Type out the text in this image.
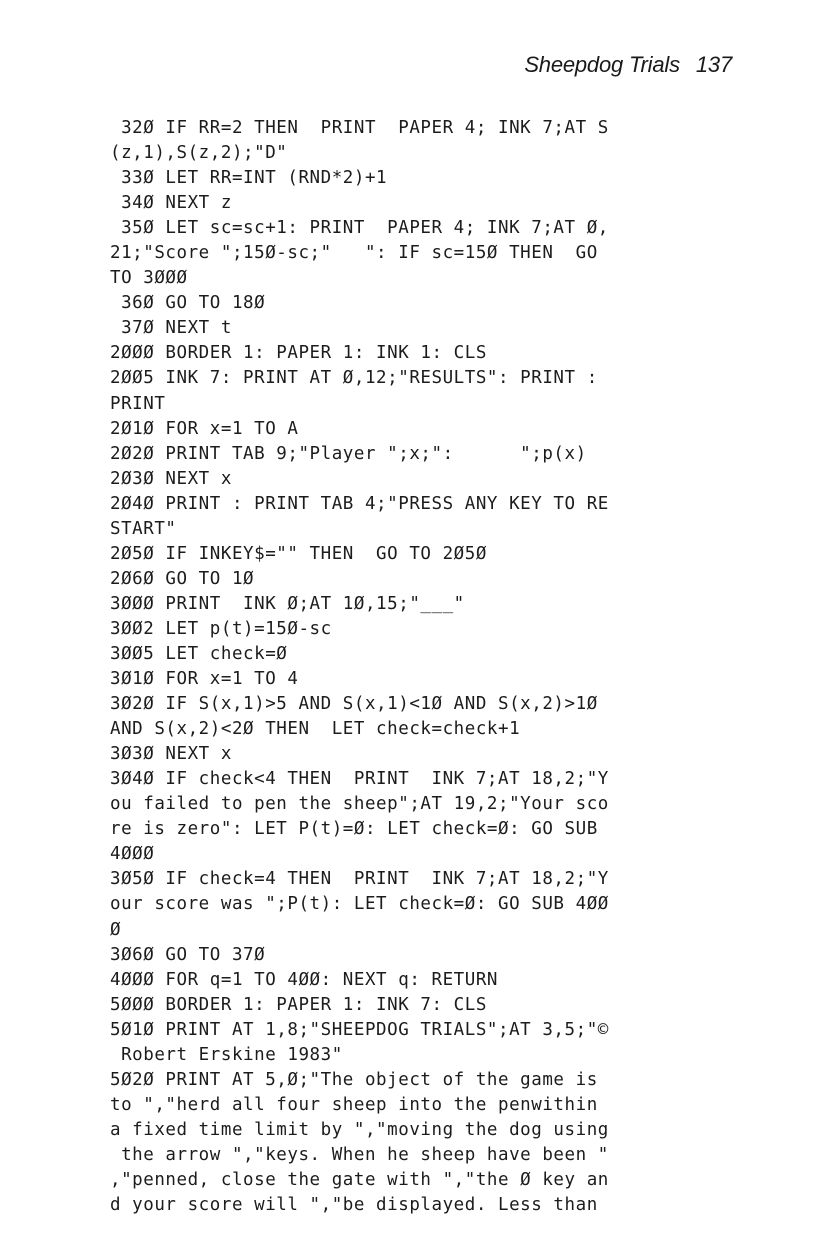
Sheepdog Trials 137
32Ø IF RR=2 THEN  PRINT  PAPER 4; INK 7;AT S
(z,1),S(z,2);"D"
33Ø LET RR=INT (RND*2)+1
34Ø NEXT z
35Ø LET sc=sc+1: PRINT  PAPER 4; INK 7;AT Ø,
21;"Score ";15Ø-sc;"   ": IF sc=15Ø THEN  GO
TO 3ØØØ
36Ø GO TO 18Ø
37Ø NEXT t
2ØØØ BORDER 1: PAPER 1: INK 1: CLS
2ØØ5 INK 7: PRINT AT Ø,12;"RESULTS": PRINT :
PRINT
2Ø1Ø FOR x=1 TO A
2Ø2Ø PRINT TAB 9;"Player ";x;":      ";p(x)
2Ø3Ø NEXT x
2Ø4Ø PRINT : PRINT TAB 4;"PRESS ANY KEY TO RE
START"
2Ø5Ø IF INKEY$="" THEN  GO TO 2Ø5Ø
2Ø6Ø GO TO 1Ø
3ØØØ PRINT  INK Ø;AT 1Ø,15;"___"
3ØØ2 LET p(t)=15Ø-sc
3ØØ5 LET check=Ø
3Ø1Ø FOR x=1 TO 4
3Ø2Ø IF S(x,1)>5 AND S(x,1)<1Ø AND S(x,2)>1Ø
AND S(x,2)<2Ø THEN  LET check=check+1
3Ø3Ø NEXT x
3Ø4Ø IF check<4 THEN  PRINT  INK 7;AT 18,2;"Y
ou failed to pen the sheep";AT 19,2;"Your sco
re is zero": LET P(t)=Ø: LET check=Ø: GO SUB
4ØØØ
3Ø5Ø IF check=4 THEN  PRINT  INK 7;AT 18,2;"Y
our score was ";P(t): LET check=Ø: GO SUB 4ØØ
Ø
3Ø6Ø GO TO 37Ø
4ØØØ FOR q=1 TO 4ØØ: NEXT q: RETURN
5ØØØ BORDER 1: PAPER 1: INK 7: CLS
5Ø1Ø PRINT AT 1,8;"SHEEPDOG TRIALS";AT 3,5;"©
Robert Erskine 1983"
5Ø2Ø PRINT AT 5,Ø;"The object of the game is
to ","herd all four sheep into the penwithin
a fixed time limit by ","moving the dog using
the arrow ","keys. When he sheep have been "
,"penned, close the gate with ","the Ø key an
d your score will ","be displayed. Less than
